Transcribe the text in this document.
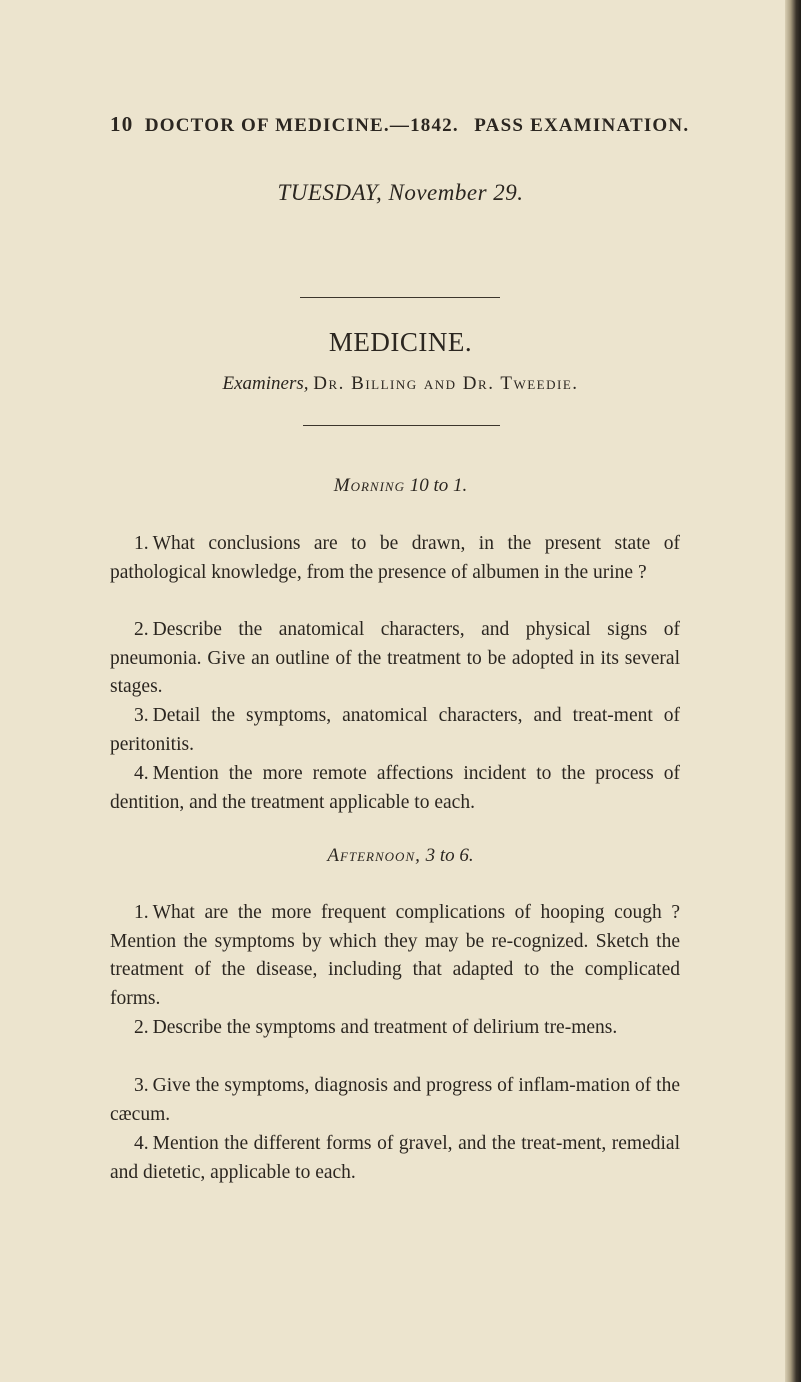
10 DOCTOR OF MEDICINE.—1842. PASS EXAMINATION.
TUESDAY, November 29.
MEDICINE.
Examiners, Dr. Billing and Dr. Tweedie.
Morning 10 to 1.
1. What conclusions are to be drawn, in the present state of pathological knowledge, from the presence of albumen in the urine ?
2. Describe the anatomical characters, and physical signs of pneumonia. Give an outline of the treatment to be adopted in its several stages.
3. Detail the symptoms, anatomical characters, and treat-ment of peritonitis.
4. Mention the more remote affections incident to the process of dentition, and the treatment applicable to each.
Afternoon, 3 to 6.
1. What are the more frequent complications of hooping cough ? Mention the symptoms by which they may be re-cognized. Sketch the treatment of the disease, including that adapted to the complicated forms.
2. Describe the symptoms and treatment of delirium tre-mens.
3. Give the symptoms, diagnosis and progress of inflam-mation of the cæcum.
4. Mention the different forms of gravel, and the treat-ment, remedial and dietetic, applicable to each.
